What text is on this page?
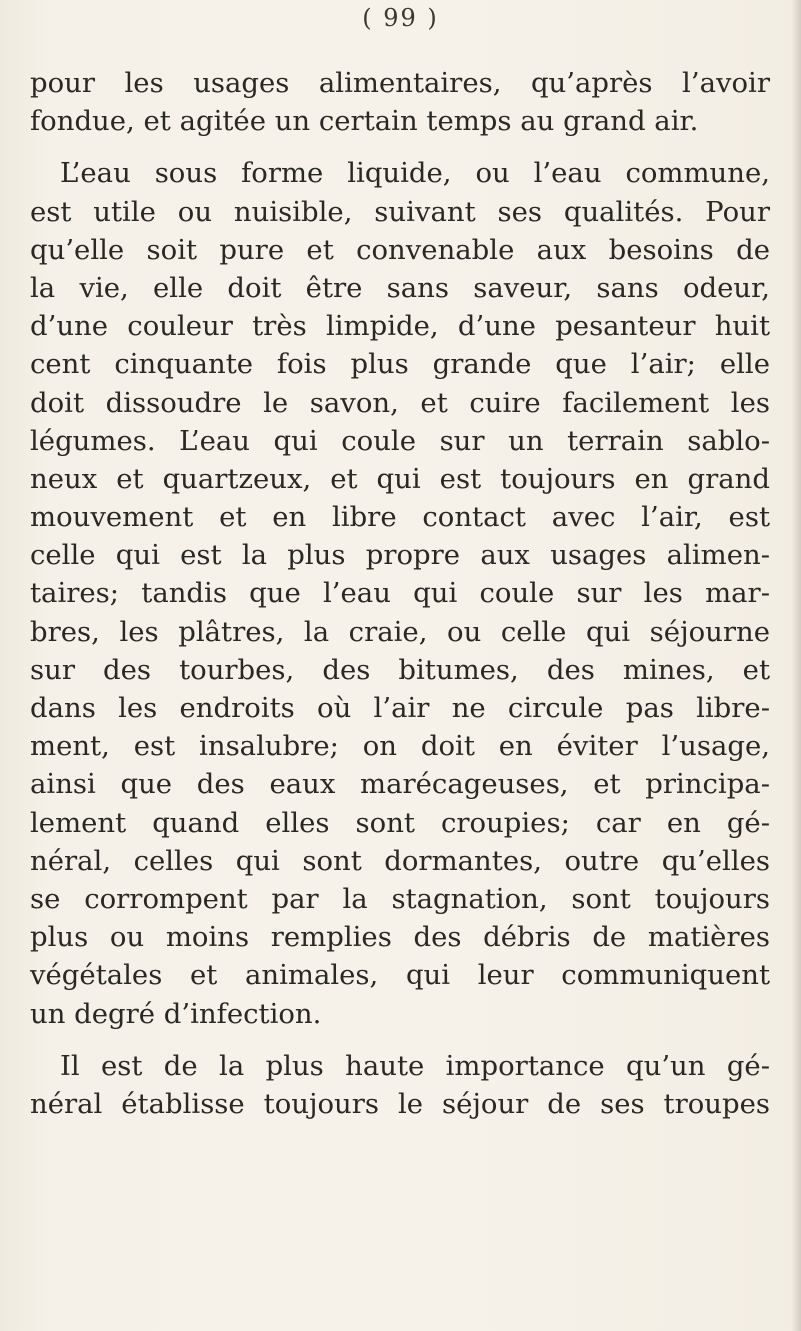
( 99 )
pour les usages alimentaires, qu’après l’avoir
fondue, et agitée un certain temps au grand air.
L’eau sous forme liquide, ou l’eau commune,
est utile ou nuisible, suivant ses qualités. Pour
qu’elle soit pure et convenable aux besoins de
la vie, elle doit être sans saveur, sans odeur,
d’une couleur très limpide, d’une pesanteur huit
cent cinquante fois plus grande que l’air; elle
doit dissoudre le savon, et cuire facilement les
légumes. L’eau qui coule sur un terrain sablo-
neux et quartzeux, et qui est toujours en grand
mouvement et en libre contact avec l’air, est
celle qui est la plus propre aux usages alimen-
taires; tandis que l’eau qui coule sur les mar-
bres, les plâtres, la craie, ou celle qui séjourne
sur des tourbes, des bitumes, des mines, et
dans les endroits où l’air ne circule pas libre-
ment, est insalubre; on doit en éviter l’usage,
ainsi que des eaux marécageuses, et principa-
lement quand elles sont croupies; car en gé-
néral, celles qui sont dormantes, outre qu’elles
se corrompent par la stagnation, sont toujours
plus ou moins remplies des débris de matières
végétales et animales, qui leur communiquent
un degré d’infection.
Il est de la plus haute importance qu’un gé-
néral établisse toujours le séjour de ses troupes
